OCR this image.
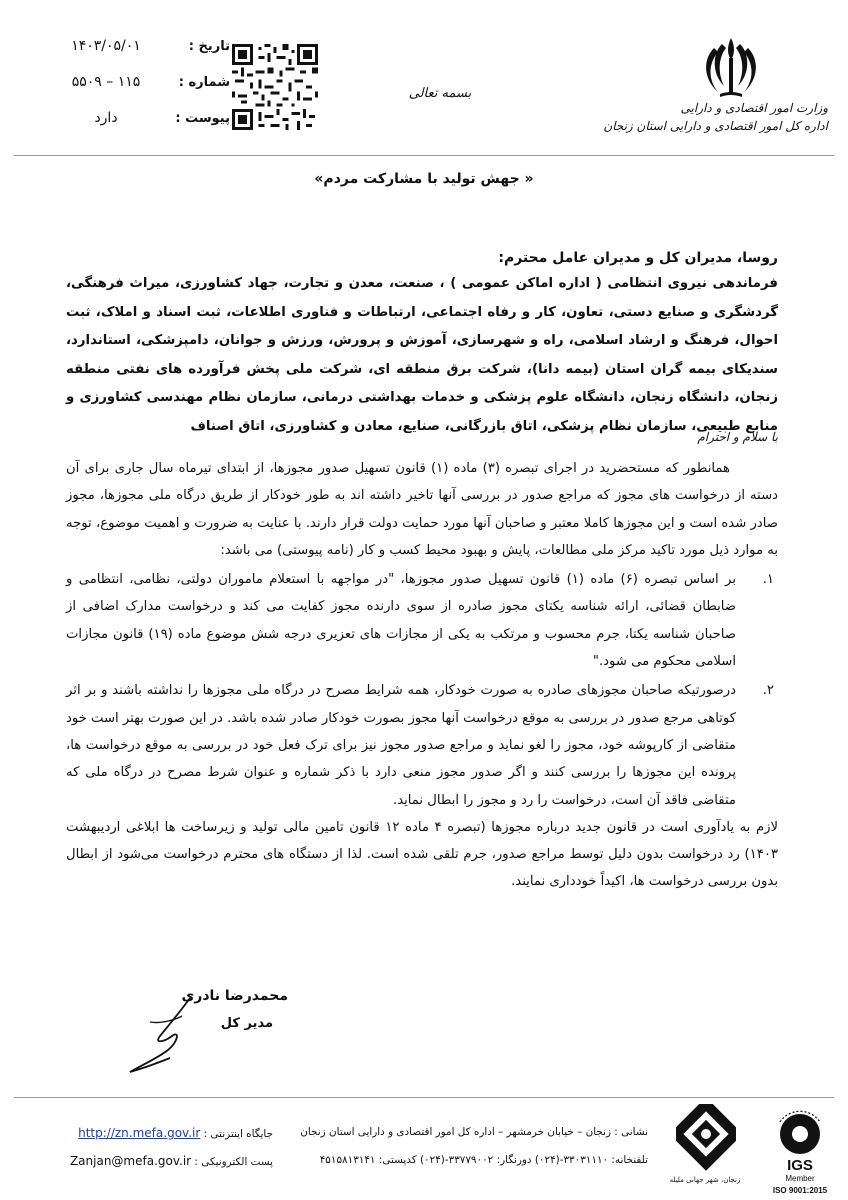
وزارت امور اقتصادی و دارایی
اداره کل امور اقتصادی و دارایی استان زنجان
بسمه تعالی
تاریخ :
۱۴۰۳/۰۵/۰۱
شماره :
۵۵۰۹ – ۱۱۵
پیوست :
دارد
« جهش تولید با مشارکت مردم»
روسا، مدیران کل و مدیران عامل محترم:
فرماندهی نیروی انتظامی ( اداره اماکن عمومی ) ، صنعت، معدن و تجارت، جهاد کشاورزی، میراث فرهنگی، گردشگری و صنایع دستی، تعاون، کار و رفاه اجتماعی، ارتباطات و فناوری اطلاعات، ثبت اسناد و املاک، ثبت احوال، فرهنگ و ارشاد اسلامی، راه و شهرسازی، آموزش و پرورش، ورزش و جوانان، دامپزشکی، استاندارد، سندیکای بیمه گران استان (بیمه دانا)، شرکت برق منطقه ای، شرکت ملی پخش فرآورده های نفتی منطقه زنجان، دانشگاه زنجان، دانشگاه علوم پزشکی و خدمات بهداشتی درمانی، سازمان نظام مهندسی کشاورزی و منابع طبیعی، سازمان نظام پزشکی، اتاق بازرگانی، صنایع، معادن و کشاورزی، اتاق اصناف
با سلام و احترام

همانطور که مستحضرید در اجرای تبصره (۳) ماده (۱) قانون تسهیل صدور مجوزها، از ابتدای تیرماه سال جاری برای آن دسته از درخواست های مجوز که مراجع صدور در بررسی آنها تاخیر داشته اند به طور خودکار از طریق درگاه ملی مجوزها، مجوز صادر شده است و این مجوزها کاملا معتبر و صاحبان آنها مورد حمایت دولت قرار دارند. با عنایت به ضرورت و اهمیت موضوع، توجه به موارد ذیل مورد تاکید مرکز ملی مطالعات، پایش و بهبود محیط کسب و کار (نامه پیوستی) می باشد:

۱.
بر اساس تبصره (۶) ماده (۱) قانون تسهیل صدور مجوزها، "در مواجهه با استعلام ماموران دولتی، نظامی، انتظامی و ضابطان قضائی، ارائه شناسه یکتای مجوز صادره از سوی دارنده مجوز کفایت می کند و درخواست مدارک اضافی از صاحبان شناسه یکتا، جرم محسوب و مرتکب به یکی از مجازات های تعزیری درجه شش موضوع ماده (۱۹) قانون مجازات اسلامی محکوم می شود."
۲.
درصورتیکه صاحبان مجوزهای صادره به صورت خودکار، همه شرایط مصرح در درگاه ملی مجوزها را نداشته باشند و بر اثر کوتاهی مرجع صدور در بررسی به موقع درخواست آنها مجوز بصورت خودکار صادر شده باشد. در این صورت بهتر است خود متقاضی از کارپوشه خود، مجوز را لغو نماید و مراجع صدور مجوز نیز برای ترک فعل خود در بررسی به موقع درخواست ها، پرونده این مجوزها را بررسی کنند و اگر صدور مجوز منعی دارد با ذکر شماره و عنوان شرط مصرح در درگاه ملی که متقاضی فاقد آن است، درخواست را رد و مجوز را ابطال نماید.

لازم به یادآوری است در قانون جدید درباره مجوزها (تبصره ۴ ماده ۱۲ قانون تامین مالی تولید و زیرساخت ها ابلاغی اردیبهشت ۱۴۰۳) رد درخواست بدون دلیل توسط مراجع صدور، جرم تلقی شده است. لذا از دستگاه های محترم درخواست می‌شود از ابطال بدون بررسی درخواست ها، اکیداً خودداری نمایند.

محمدرضا نادری
مدیر کل
IGS
Member
ISO 9001:2015
زنجان، شهر جهانی ملیله
نشانی : زنجان – خیابان خرمشهر – اداره کل امور اقتصادی و دارایی استان زنجان
تلفنخانه: ۳۳۰۳۱۱۱۰-(۰۲۴) دورنگار: ۳۳۷۷۹۰۰۲-(۰۲۴) کدپستی: ۴۵۱۵۸۱۳۱۴۱
جایگاه اینترنتی : http://zn.mefa.gov.ir
پست الکترونیکی : Zanjan@mefa.gov.ir
